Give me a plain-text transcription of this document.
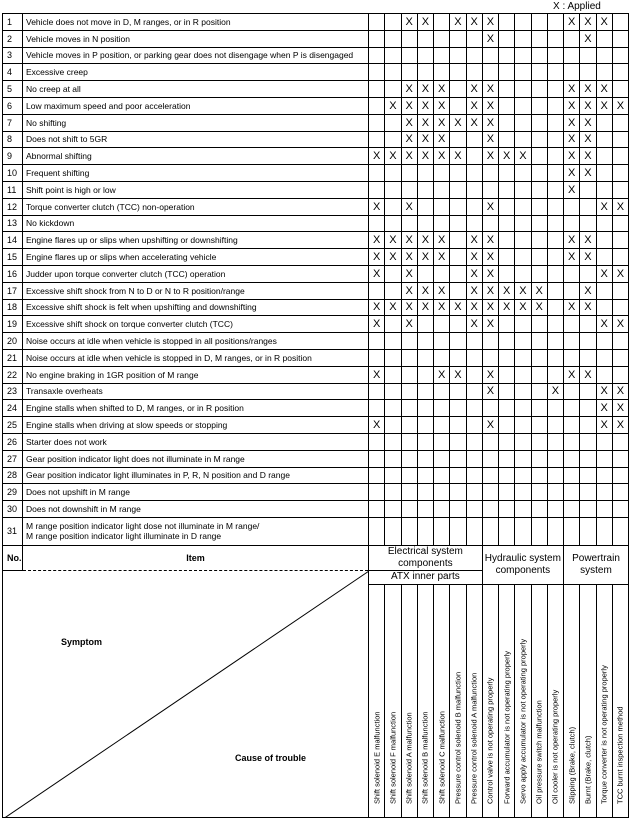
X : Applied
1	Vehicle does not move in D, M ranges, or in R position			X	X		X	X	X					X	X	X	
2	Vehicle moves in N position								X						X		
3	Vehicle moves in P position, or parking gear does not disengage when P is disengaged																
4	Excessive creep																
5	No creep at all			X	X	X		X	X					X	X	X	
6	Low maximum speed and poor acceleration		X	X	X	X		X	X					X	X	X	X
7	No shifting			X	X	X	X	X	X					X	X		
8	Does not shift to 5GR			X	X	X			X					X	X		
9	Abnormal shifting	X	X	X	X	X	X		X	X	X			X	X		
10	Frequent shifting													X	X		
11	Shift point is high or low													X			
12	Torque converter clutch (TCC) non-operation	X		X					X							X	X
13	No kickdown																
14	Engine flares up or slips when upshifting or downshifting	X	X	X	X	X		X	X					X	X		
15	Engine flares up or slips when accelerating vehicle	X	X	X	X	X		X	X					X	X		
16	Judder upon torque converter clutch (TCC) operation	X		X				X	X							X	X
17	Excessive shift shock from N to D or N to R position/range			X	X	X		X	X	X	X	X			X		
18	Excessive shift shock is felt when upshifting and downshifting	X	X	X	X	X	X	X	X	X	X	X		X	X		
19	Excessive shift shock on torque converter clutch (TCC)	X		X				X	X							X	X
20	Noise occurs at idle when vehicle is stopped in all positions/ranges																
21	Noise occurs at idle when vehicle is stopped in D, M ranges, or in R position																
22	No engine braking in 1GR position of M range	X				X	X		X					X	X		
23	Transaxle overheats								X				X			X	X
24	Engine stalls when shifted to D, M ranges, or in R position															X	X
25	Engine stalls when driving at slow speeds or stopping	X							X							X	X
26	Starter does not work																
27	Gear position indicator light does not illuminate in M range																
28	Gear position indicator light illuminates in P, R, N position and D range																
29	Does not upshift in M range																
30	Does not downshift in M range																
31	M range position indicator light dose not illuminate in M range/
M range position indicator light illuminate in D range																
No.	Item	Electrical system components							Hydraulic system components					Powertrain system			

Symptom
Cause of trouble		ATX inner parts															

		Shift solenoid E malfunction	Shift solenoid F malfunction	Shift solenoid A malfunction	Shift solenoid B malfunction	Shift solenoid C malfunction	Pressure control solenoid B malfunction	Pressure control solenoid A malfunction	Control valve is not operating properly	Forward accumulator is not operating properly	Servo apply accumulator is not operating properly	Oil pressure switch malfunction	Oil cooler is not operating properly	Slipping (Brake, clutch)	Burnt (Brake, clutch)	Torque converter is not operating properly	TCC burnt inspection method
